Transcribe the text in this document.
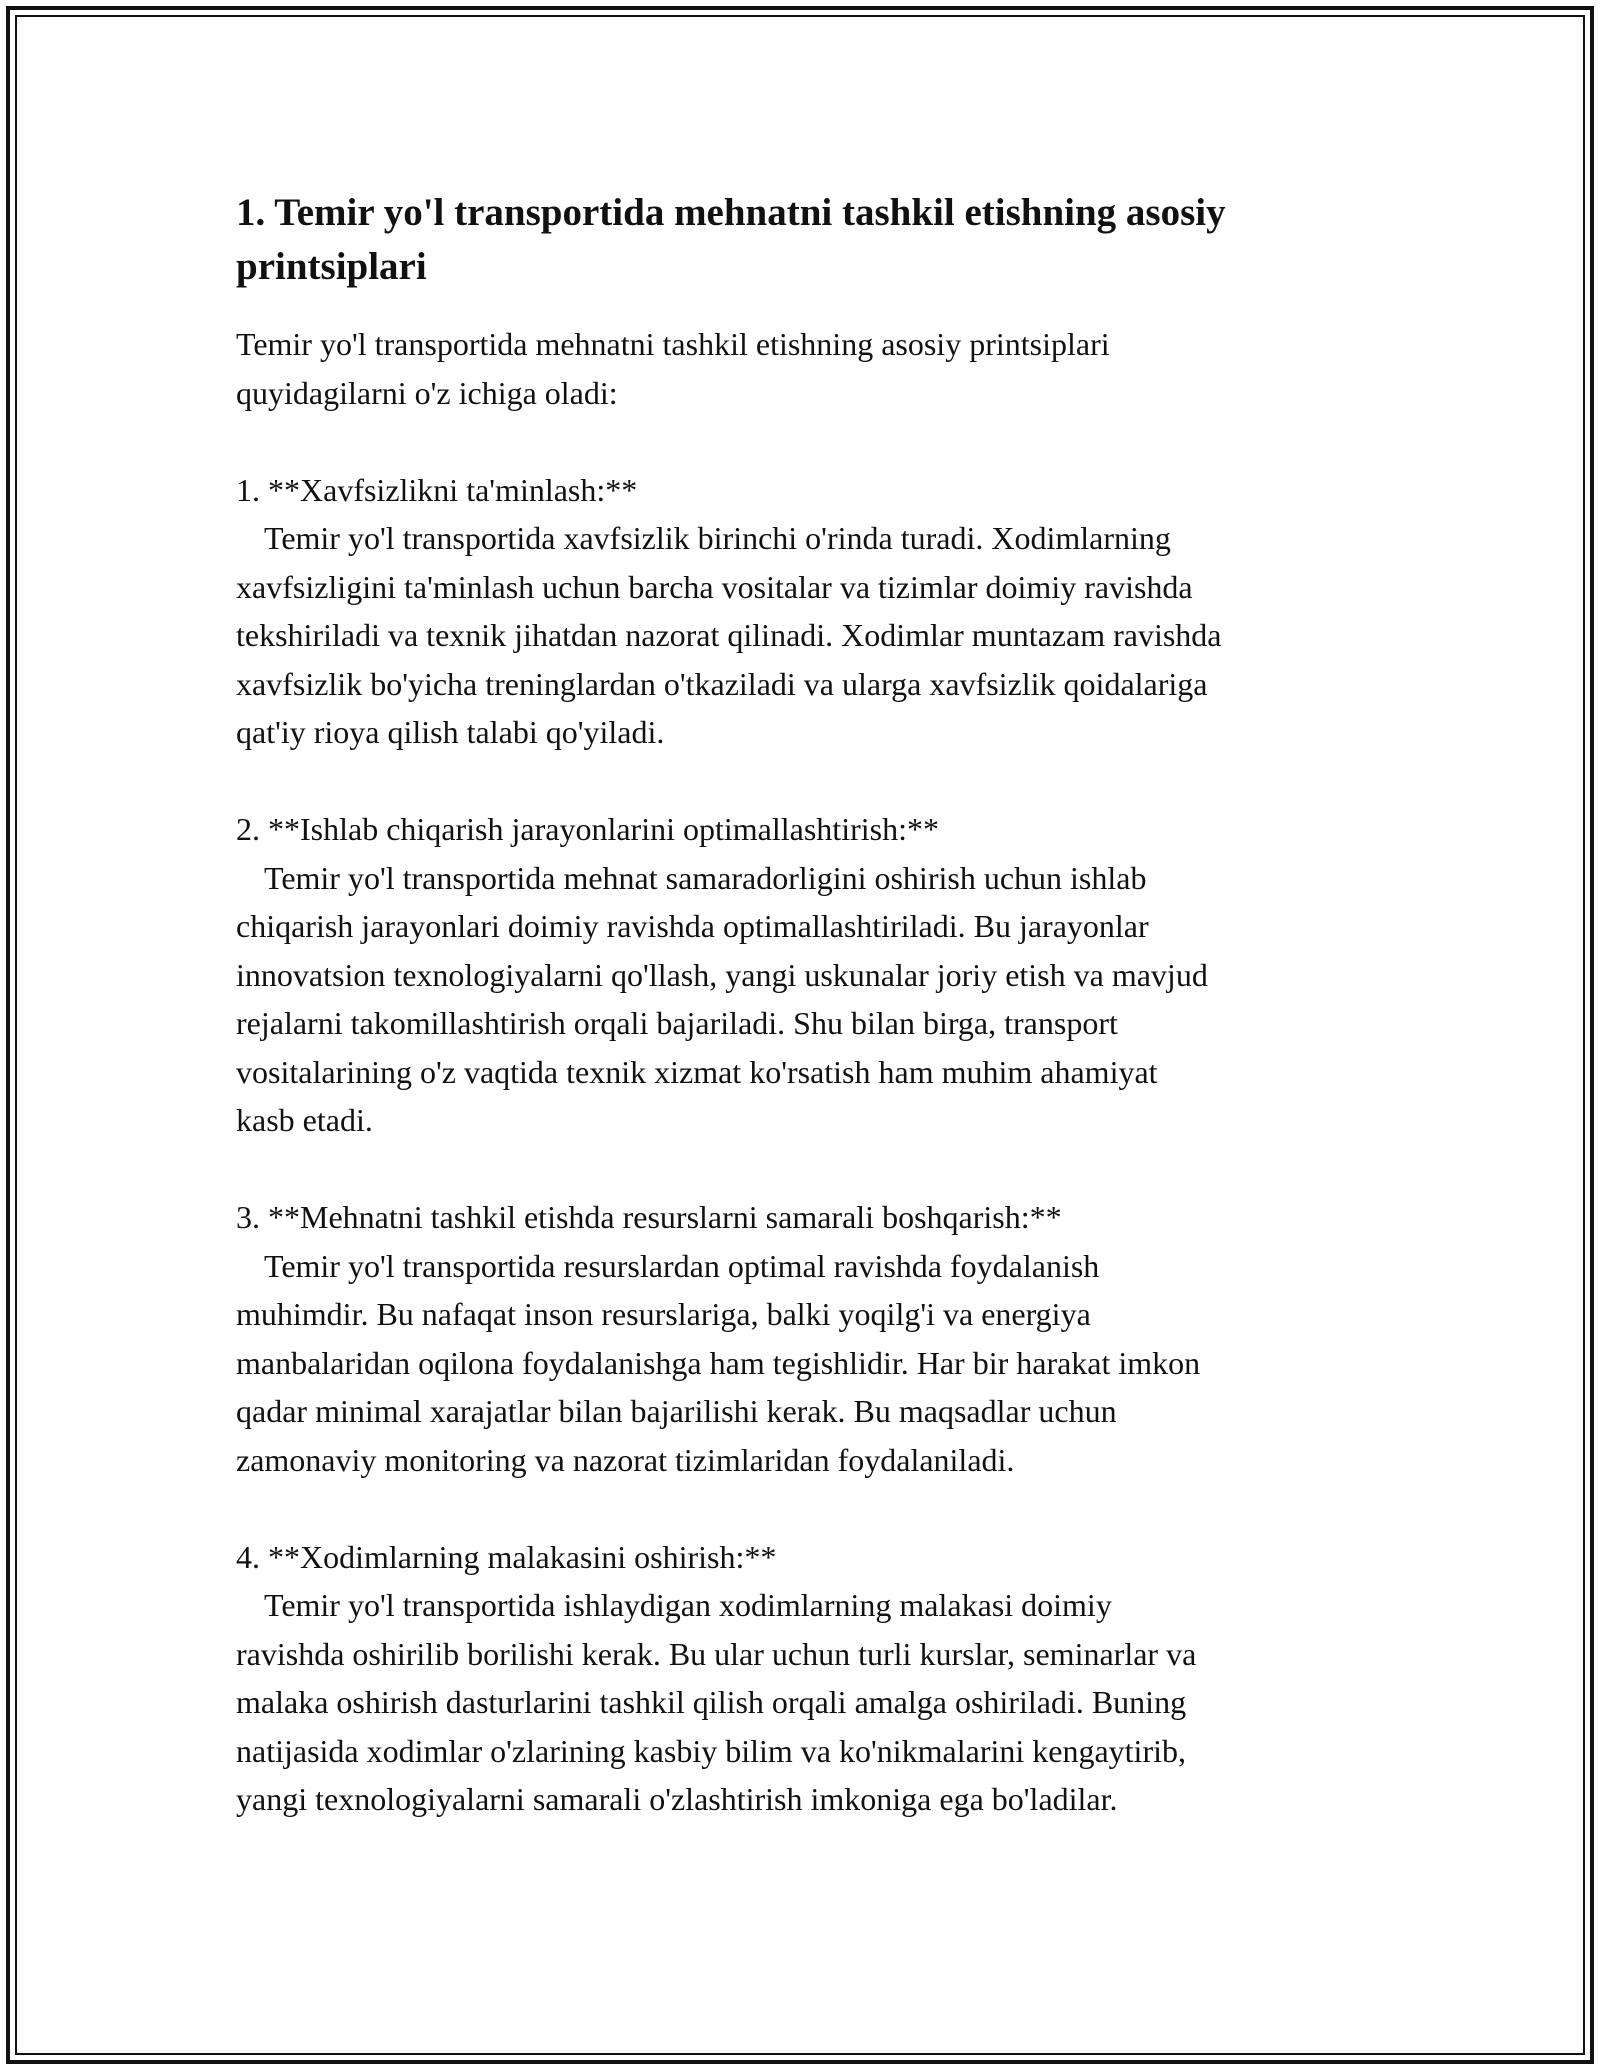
1. Temir yo'l transportida mehnatni tashkil etishning asosiy printsiplari

Temir yo'l transportida mehnatni tashkil etishning asosiy printsiplari
quyidagilarni o'z ichiga oladi:

1. **Xavfsizlikni ta'minlash:**

Temir yo'l transportida xavfsizlik birinchi o'rinda turadi. Xodimlarning
xavfsizligini ta'minlash uchun barcha vositalar va tizimlar doimiy ravishda
tekshiriladi va texnik jihatdan nazorat qilinadi. Xodimlar muntazam ravishda
xavfsizlik bo'yicha treninglardan o'tkaziladi va ularga xavfsizlik qoidalariga
qat'iy rioya qilish talabi qo'yiladi.

2. **Ishlab chiqarish jarayonlarini optimallashtirish:**

Temir yo'l transportida mehnat samaradorligini oshirish uchun ishlab
chiqarish jarayonlari doimiy ravishda optimallashtiriladi. Bu jarayonlar
innovatsion texnologiyalarni qo'llash, yangi uskunalar joriy etish va mavjud
rejalarni takomillashtirish orqali bajariladi. Shu bilan birga, transport
vositalarining o'z vaqtida texnik xizmat ko'rsatish ham muhim ahamiyat
kasb etadi.

3. **Mehnatni tashkil etishda resurslarni samarali boshqarish:**

Temir yo'l transportida resurslardan optimal ravishda foydalanish
muhimdir. Bu nafaqat inson resurslariga, balki yoqilg'i va energiya
manbalaridan oqilona foydalanishga ham tegishlidir. Har bir harakat imkon
qadar minimal xarajatlar bilan bajarilishi kerak. Bu maqsadlar uchun
zamonaviy monitoring va nazorat tizimlaridan foydalaniladi.

4. **Xodimlarning malakasini oshirish:**

Temir yo'l transportida ishlaydigan xodimlarning malakasi doimiy
ravishda oshirilib borilishi kerak. Bu ular uchun turli kurslar, seminarlar va
malaka oshirish dasturlarini tashkil qilish orqali amalga oshiriladi. Buning
natijasida xodimlar o'zlarining kasbiy bilim va ko'nikmalarini kengaytirib,
yangi texnologiyalarni samarali o'zlashtirish imkoniga ega bo'ladilar.
